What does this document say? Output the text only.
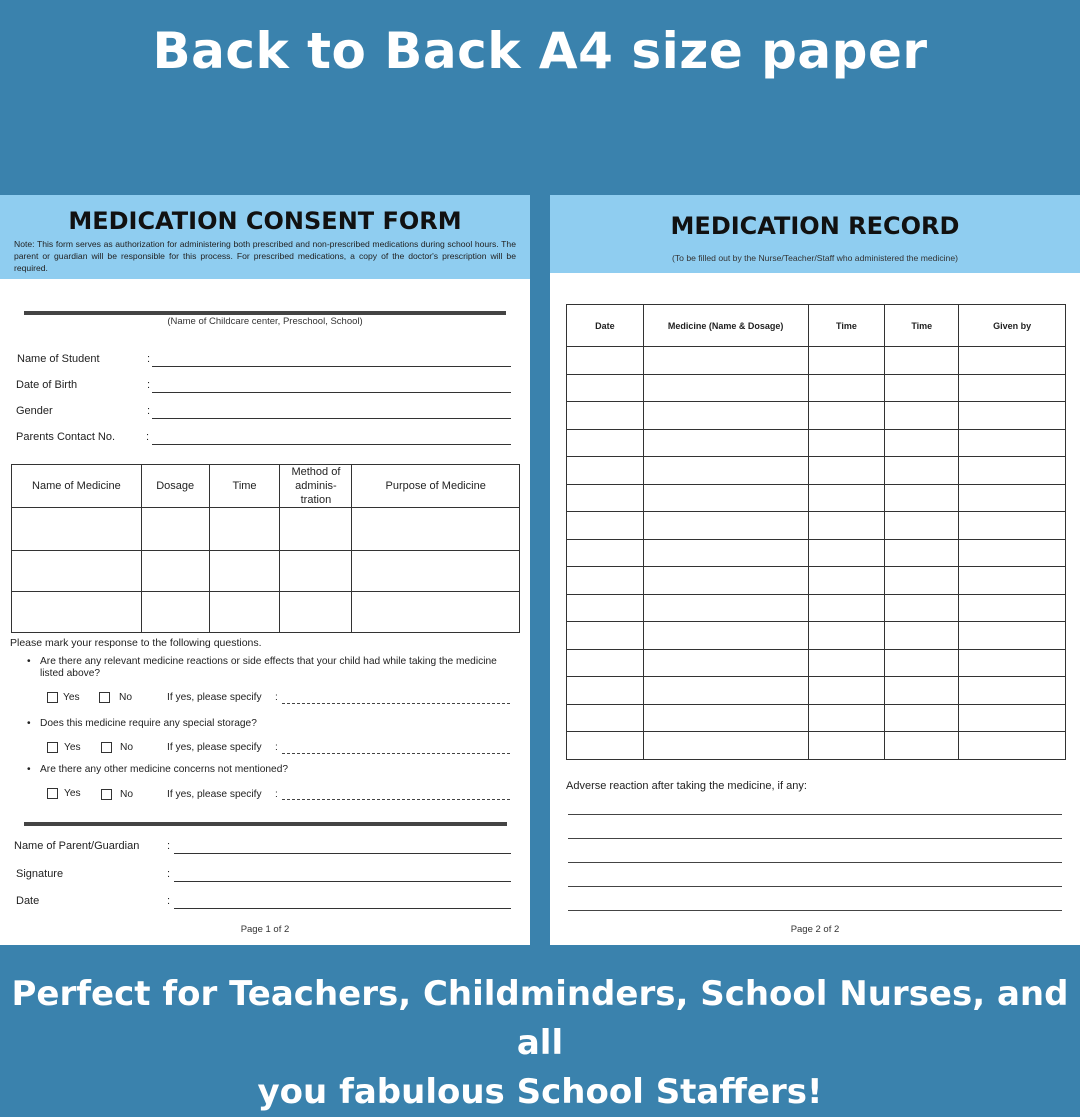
Back to Back A4 size paper
MEDICATION CONSENT FORM
Note: This form serves as authorization for administering both prescribed and non-prescribed medications during school hours. The parent or guardian will be responsible for this process. For prescribed medications, a copy of the doctor's prescription will be required.
(Name of Childcare center, Preschool, School)
Name of Student	:
Date of Birth	:
Gender	:
Parents Contact No.	:
Name of Medicine	Dosage	Time	Method of
adminis-
tration	Purpose of Medicine

Please mark your response to the following questions.
• Are there any relevant medicine reactions or side effects that your child had while taking the medicine listed above?
Yes	No	If yes, please specify :
• Does this medicine require any special storage?
Yes	No	If yes, please specify :
• Are there any other medicine concerns not mentioned?
Yes	No	If yes, please specify :
Name of Parent/Guardian	:
Signature	:
Date	:
Page 1 of 2
MEDICATION RECORD
(To be filled out by the Nurse/Teacher/Staff who administered the medicine)
Date	Medicine (Name & Dosage)	Time	Time	Given by

Adverse reaction after taking the medicine, if any:
Page 2 of 2
Perfect for Teachers, Childminders, School Nurses, and all
you fabulous School Staffers!
